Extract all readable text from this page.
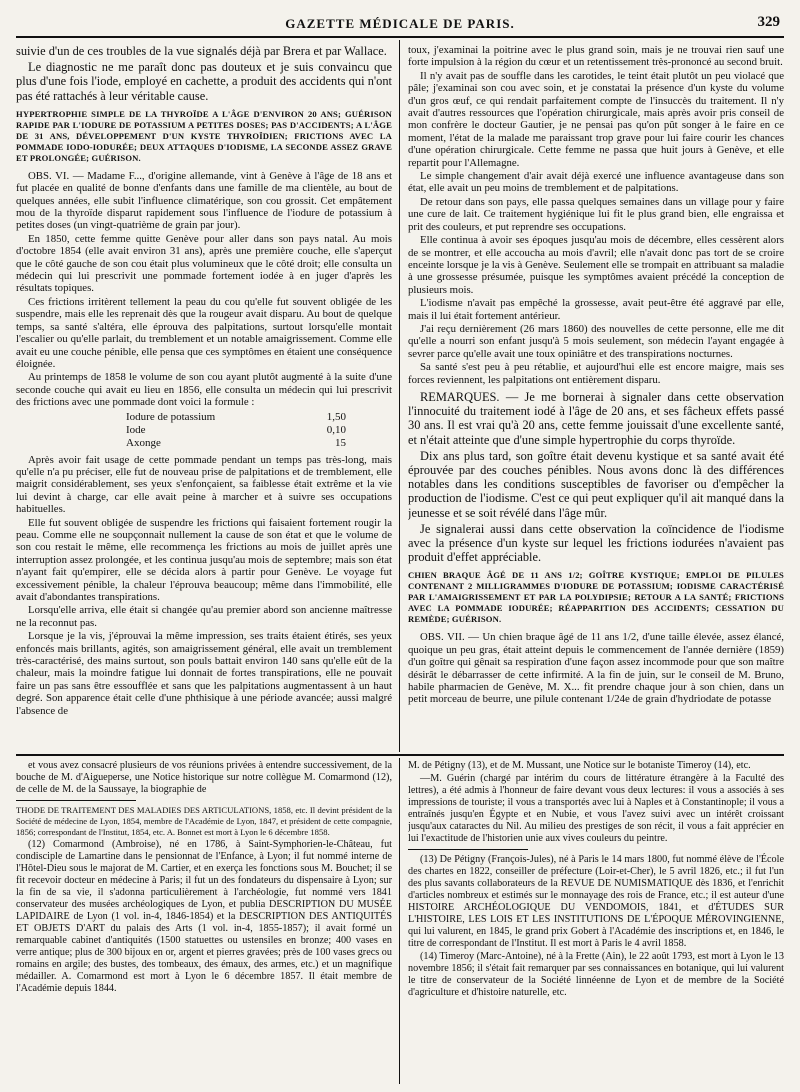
GAZETTE MÉDICALE DE PARIS.	329

suivie d'un de ces troubles de la vue signalés déjà par Brera et par Wallace.

Le diagnostic ne me paraît donc pas douteux et je suis convaincu que plus d'une fois l'iode, employé en cachette, a produit des accidents qui n'ont pas été rattachés à leur véritable cause.

HYPERTROPHIE SIMPLE DE LA THYROÏDE A L'ÂGE D'ENVIRON 20 ANS; GUÉRISON RAPIDE PAR L'IODURE DE POTASSIUM A PETITES DOSES; PAS D'ACCIDENTS; A L'ÂGE DE 31 ANS, DÉVELOPPEMENT D'UN KYSTE THYROÏDIEN; FRICTIONS AVEC LA POMMADE IODO-IODURÉE; DEUX ATTAQUES D'IODISME, LA SECONDE ASSEZ GRAVE ET PROLONGÉE; GUÉRISON.

OBS. VI. — Madame F..., d'origine allemande, vint à Genève à l'âge de 18 ans et fut placée en qualité de bonne d'enfants dans une famille de ma clientèle, au bout de quelques années, elle subit l'influence climatérique, son cou grossit. Cet empâtement mou de la thyroïde disparut rapidement sous l'influence de l'iodure de potassium à petites doses (un vingt-quatrième de grain par jour).

En 1850, cette femme quitte Genève pour aller dans son pays natal. Au mois d'octobre 1854 (elle avait environ 31 ans), après une première couche, elle s'aperçut que le côté gauche de son cou était plus volumineux que le côté droit; elle consulta un médecin qui lui prescrivit une pommade fortement iodée à en juger d'après les résultats topiques.

Ces frictions irritèrent tellement la peau du cou qu'elle fut souvent obligée de les suspendre, mais elle les reprenait dès que la rougeur avait disparu. Au bout de quelque temps, sa santé s'altéra, elle éprouva des palpitations, surtout lorsqu'elle montait l'escalier ou qu'elle parlait, du tremblement et un notable amaigrissement. Comme elle avait eu une couche pénible, elle pensa que ces symptômes en étaient une conséquence éloignée.

Au printemps de 1858 le volume de son cou ayant plutôt augmenté à la suite d'une seconde couche qui avait eu lieu en 1856, elle consulta un médecin qui lui prescrivit des frictions avec une pommade dont voici la formule :

Iodure de potassium	1,50
Iode	0,10
Axonge	15

Après avoir fait usage de cette pommade pendant un temps pas très-long, mais qu'elle n'a pu préciser, elle fut de nouveau prise de palpitations et de tremblement, elle maigrit considérablement, ses yeux s'enfonçaient, sa faiblesse était extrême et la vie lui devint à charge, car elle avait peine à marcher et à suivre ses occupations habituelles.

Elle fut souvent obligée de suspendre les frictions qui faisaient fortement rougir la peau. Comme elle ne soupçonnait nullement la cause de son état et que le volume de son cou restait le même, elle recommença les frictions au mois de juillet après une interruption assez prolongée, et les continua jusqu'au mois de septembre; mais son état n'ayant fait qu'empirer, elle se décida alors à partir pour Genève. Le voyage fut excessivement pénible, la chaleur l'éprouva beaucoup; même dans l'immobilité, elle avait d'abondantes transpirations.

Lorsqu'elle arriva, elle était si changée qu'au premier abord son ancienne maîtresse ne la reconnut pas.

Lorsque je la vis, j'éprouvai la même impression, ses traits étaient étirés, ses yeux enfoncés mais brillants, agités, son amaigrissement général, elle avait un tremblement très-caractérisé, des mains surtout, son pouls battait environ 140 sans qu'elle eût de la chaleur, mais la moindre fatigue lui donnait de fortes transpirations, elle ne pouvait faire un pas sans être essoufflée et sans que les palpitations augmentassent à un haut degré. Son apparence était celle d'une phthisique à une période avancée; aussi malgré l'absence de

toux, j'examinai la poitrine avec le plus grand soin, mais je ne trouvai rien sauf une forte impulsion à la région du cœur et un retentissement très-prononcé au second bruit.

Il n'y avait pas de souffle dans les carotides, le teint était plutôt un peu violacé que pâle; j'examinai son cou avec soin, et je constatai la présence d'un kyste du volume d'un gros œuf, ce qui rendait parfaitement compte de l'insuccès du traitement. Il n'y avait d'autres ressources que l'opération chirurgicale, mais après avoir pris conseil de mon confrère le docteur Gautier, je ne pensai pas qu'on pût songer à le faire en ce moment, l'état de la malade me paraissant trop grave pour lui faire courir les chances d'une opération chirurgicale. Cette femme ne passa que huit jours à Genève, et elle repartit pour l'Allemagne.

Le simple changement d'air avait déjà exercé une influence avantageuse dans son état, elle avait un peu moins de tremblement et de palpitations.

De retour dans son pays, elle passa quelques semaines dans un village pour y faire une cure de lait. Ce traitement hygiénique lui fit le plus grand bien, elle engraissa et prit des couleurs, et put reprendre ses occupations.

Elle continua à avoir ses époques jusqu'au mois de décembre, elles cessèrent alors de se montrer, et elle accoucha au mois d'avril; elle n'avait donc pas tort de se croire enceinte lorsque je la vis à Genève. Seulement elle se trompait en attribuant sa maladie à une grossesse présumée, puisque les symptômes avaient précédé la conception de plusieurs mois.

L'iodisme n'avait pas empêché la grossesse, avait peut-être été aggravé par elle, mais il lui était fortement antérieur.

J'ai reçu dernièrement (26 mars 1860) des nouvelles de cette personne, elle me dit qu'elle a nourri son enfant jusqu'à 5 mois seulement, son médecin l'ayant engagée à sevrer parce qu'elle avait une toux opiniâtre et des transpirations nocturnes.

Sa santé s'est peu à peu rétablie, et aujourd'hui elle est encore maigre, mais ses forces reviennent, les palpitations ont entièrement disparu.

REMARQUES. — Je me bornerai à signaler dans cette observation l'innocuité du traitement iodé à l'âge de 20 ans, et ses fâcheux effets passé 30 ans. Il est vrai qu'à 20 ans, cette femme jouissait d'une excellente santé, et n'était atteinte que d'une simple hypertrophie du corps thyroïde.

Dix ans plus tard, son goître était devenu kystique et sa santé avait été éprouvée par des couches pénibles. Nous avons donc là des différences notables dans les conditions susceptibles de favoriser ou d'empêcher la production de l'iodisme. C'est ce qui peut expliquer qu'il ait manqué dans la jeunesse et se soit révélé dans l'âge mûr.

Je signalerai aussi dans cette observation la coïncidence de l'iodisme avec la présence d'un kyste sur lequel les frictions iodurées n'avaient pas produit d'effet appréciable.

CHIEN BRAQUE ÂGÉ DE 11 ANS 1/2; GOÎTRE KYSTIQUE; EMPLOI DE PILULES CONTENANT 2 MILLIGRAMMES D'IODURE DE POTASSIUM; IODISME CARACTÉRISÉ PAR L'AMAIGRISSEMENT ET PAR LA POLYDIPSIE; RETOUR A LA SANTÉ; FRICTIONS AVEC LA POMMADE IODURÉE; RÉAPPARITION DES ACCIDENTS; CESSATION DU REMÈDE; GUÉRISON.

OBS. VII. — Un chien braque âgé de 11 ans 1/2, d'une taille élevée, assez élancé, quoique un peu gras, était atteint depuis le commencement de l'année dernière (1859) d'un goître qui gênait sa respiration d'une façon assez incommode pour que son maître désirât le débarrasser de cette infirmité. A la fin de juin, sur le conseil de M. Bruno, habile pharmacien de Genève, M. X... fit prendre chaque jour à son chien, dans un petit morceau de beurre, une pilule contenant 1/24e de grain d'hydriodate de potasse

et vous avez consacré plusieurs de vos réunions privées à entendre successivement, de la bouche de M. d'Aigueperse, une Notice historique sur notre collègue M. Comarmond (12), de celle de M. de la Saussaye, la biographie de

THODE DE TRAITEMENT DES MALADIES DES ARTICULATIONS, 1858, etc. Il devint président de la Société de médecine de Lyon, 1854, membre de l'Académie de Lyon, 1847, et président de cette compagnie, 1856; correspondant de l'Institut, 1854, etc. A. Bonnet est mort à Lyon le 6 décembre 1858.

(12) Comarmond (Ambroise), né en 1786, à Saint-Symphorien-le-Château, fut condisciple de Lamartine dans le pensionnat de l'Enfance, à Lyon; il fut nommé interne de l'Hôtel-Dieu sous le majorat de M. Cartier, et en exerça les fonctions sous M. Bouchet; il se fit recevoir docteur en médecine à Paris; il fut un des fondateurs du dispensaire à Lyon; sur la fin de sa vie, il s'adonna particulièrement à l'archéologie, fut nommé vers 1841 conservateur des musées archéologiques de Lyon, et publia DESCRIPTION DU MUSÉE LAPIDAIRE de Lyon (1 vol. in-4, 1846-1854) et la DESCRIPTION DES ANTIQUITÉS ET OBJETS D'ART du palais des Arts (1 vol. in-4, 1855-1857); il avait formé un remarquable cabinet d'antiquités (1500 statuettes ou ustensiles en bronze; 400 vases en verre antique; plus de 300 bijoux en or, argent et pierres gravées; près de 100 vases grecs ou romains en argile; des bustes, des tombeaux, des émaux, des armes, etc.) et un magnifique médailler. A. Comarmond est mort à Lyon le 6 décembre 1857. Il était membre de l'Académie depuis 1844.

M. de Pétigny (13), et de M. Mussant, une Notice sur le botaniste Timeroy (14), etc.

—M. Guérin (chargé par intérim du cours de littérature étrangère à la Faculté des lettres), a été admis à l'honneur de faire devant vous deux lectures: il vous a associés à ses impressions de touriste; il vous a transportés avec lui à Naples et à Constantinople; il vous a entraînés jusqu'en Égypte et en Nubie, et vous l'avez suivi avec un intérêt croissant jusqu'aux cataractes du Nil. Au milieu des prestiges de son récit, il vous a fait apprécier en lui l'exactitude de l'historien unie aux vives couleurs du peintre.

(13) De Pétigny (François-Jules), né à Paris le 14 mars 1800, fut nommé élève de l'École des chartes en 1822, conseiller de préfecture (Loir-et-Cher), le 5 avril 1826, etc.; il fut l'un des plus savants collaborateurs de la REVUE DE NUMISMATIQUE dès 1836, et l'enrichit d'articles nombreux et estimés sur le monnayage des rois de France, etc.; il est auteur d'une HISTOIRE ARCHÉOLOGIQUE DU VENDOMOIS, 1841, et d'ÉTUDES SUR L'HISTOIRE, LES LOIS ET LES INSTITUTIONS DE L'ÉPOQUE MÉROVINGIENNE, qui lui valurent, en 1845, le grand prix Gobert à l'Académie des inscriptions et, en 1846, le titre de correspondant de l'Institut. Il est mort à Paris le 4 avril 1858.

(14) Timeroy (Marc-Antoine), né à la Frette (Ain), le 22 août 1793, est mort à Lyon le 13 novembre 1856; il s'était fait remarquer par ses connaissances en botanique, qui lui valurent le titre de conservateur de la Société linnéenne de Lyon et de membre de la Société d'agriculture et d'histoire naturelle, etc.
